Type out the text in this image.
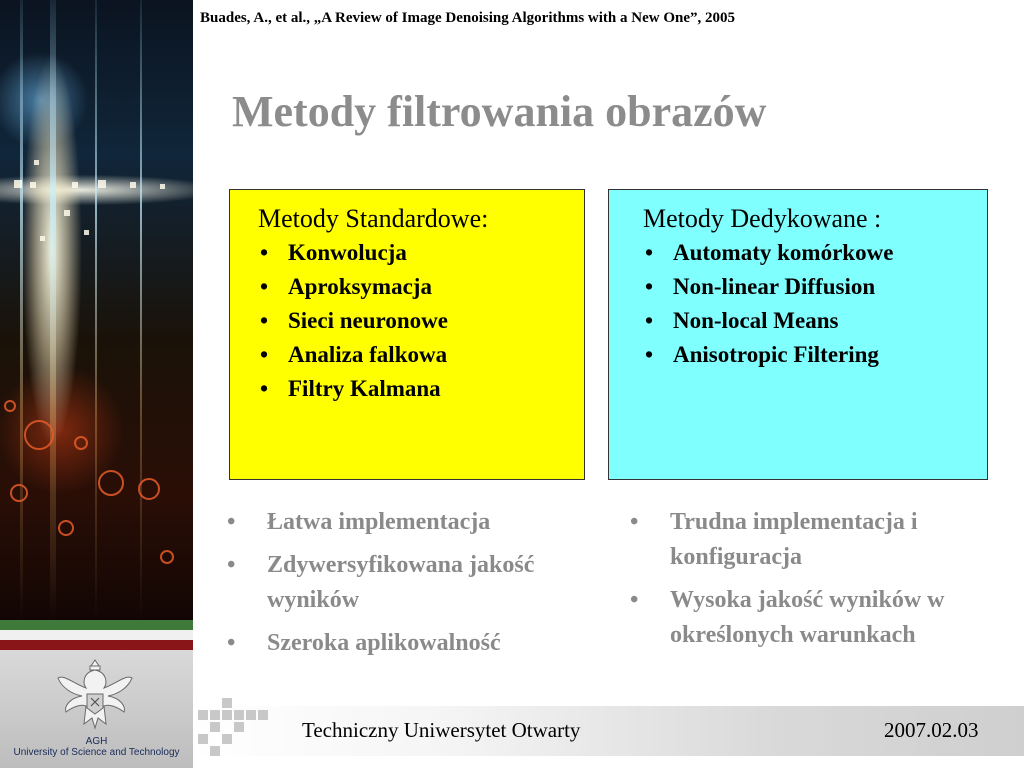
AGH
University of Science and Technology
Buades, A., et al., „A Review of Image Denoising Algorithms with a New One”, 2005
Metody filtrowania obrazów
Metody Standardowe:
• Konwolucja
• Aproksymacja
• Sieci neuronowe
• Analiza falkowa
• Filtry Kalmana
Metody Dedykowane :
• Automaty komórkowe
• Non-linear Diffusion
• Non-local Means
• Anisotropic Filtering
• Łatwa implementacja
• Zdywersyfikowana jakość wyników
• Szeroka aplikowalność
• Trudna implementacja i konfiguracja
• Wysoka jakość wyników w określonych warunkach
Techniczny Uniwersytet Otwarty	2007.02.03
